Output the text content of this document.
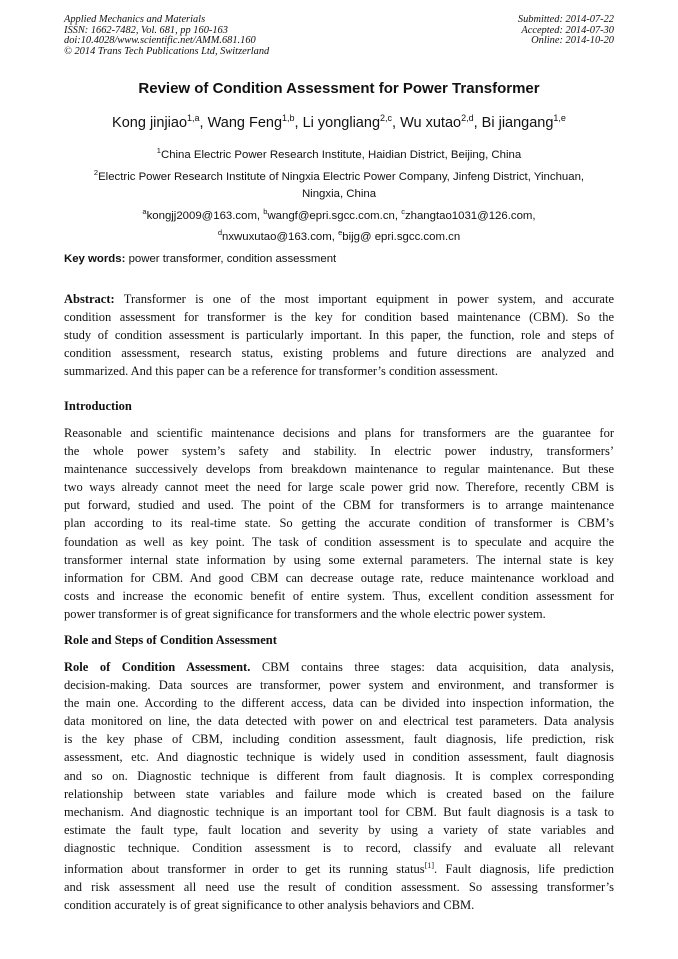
Applied Mechanics and Materials
ISSN: 1662-7482, Vol. 681, pp 160-163
doi:10.4028/www.scientific.net/AMM.681.160
© 2014 Trans Tech Publications Ltd, Switzerland
Submitted: 2014-07-22
Accepted: 2014-07-30
Online: 2014-10-20
Review of Condition Assessment for Power Transformer
Kong jinjiao$^{1,a}$, Wang Feng$^{1,b}$, Li yongliang$^{2,c}$, Wu xutao$^{2,d}$, Bi jiangang$^{1,e}$
$^1$China Electric Power Research Institute, Haidian District, Beijing, China
$^2$Electric Power Research Institute of Ningxia Electric Power Company, Jinfeng District, Yinchuan,
Ningxia, China
$^a$kongjj2009@163.com, $^b$wangf@epri.sgcc.com.cn, $^c$zhangtao1031@126.com,
$^d$nxwuxutao@163.com, $^e$bijg@ epri.sgcc.com.cn
Key words: power transformer, condition assessment
Abstract: Transformer is one of the most important equipment in power system, and accurate
condition assessment for transformer is the key for condition based maintenance (CBM). So the
study of condition assessment is particularly important. In this paper, the function, role and steps of
condition assessment, research status, existing problems and future directions are analyzed and
summarized. And this paper can be a reference for transformer’s condition assessment.
Introduction
Reasonable and scientific maintenance decisions and plans for transformers are the guarantee for
the whole power system’s safety and stability. In electric power industry, transformers’
maintenance successively develops from breakdown maintenance to regular maintenance. But these
two ways already cannot meet the need for large scale power grid now. Therefore, recently CBM is
put forward, studied and used. The point of the CBM for transformers is to arrange maintenance
plan according to its real-time state. So getting the accurate condition of transformer is CBM’s
foundation as well as key point. The task of condition assessment is to speculate and acquire the
transformer internal state information by using some external parameters. The internal state is key
information for CBM. And good CBM can decrease outage rate, reduce maintenance workload and
costs and increase the economic benefit of entire system. Thus, excellent condition assessment for
power transformer is of great significance for transformers and the whole electric power system.
Role and Steps of Condition Assessment
Role of Condition Assessment. CBM contains three stages: data acquisition, data analysis,
decision-making. Data sources are transformer, power system and environment, and transformer is
the main one. According to the different access, data can be divided into inspection information, the
data monitored on line, the data detected with power on and electrical test parameters. Data analysis
is the key phase of CBM, including condition assessment, fault diagnosis, life prediction, risk
assessment, etc. And diagnostic technique is widely used in condition assessment, fault diagnosis
and so on. Diagnostic technique is different from fault diagnosis. It is complex corresponding
relationship between state variables and failure mode which is created based on the failure
mechanism. And diagnostic technique is an important tool for CBM. But fault diagnosis is a task to
estimate the fault type, fault location and severity by using a variety of state variables and
diagnostic technique. Condition assessment is to record, classify and evaluate all relevant
information about transformer in order to get its running status[1]. Fault diagnosis, life prediction
and risk assessment all need use the result of condition assessment. So assessing transformer’s
condition accurately is of great significance to other analysis behaviors and CBM.
